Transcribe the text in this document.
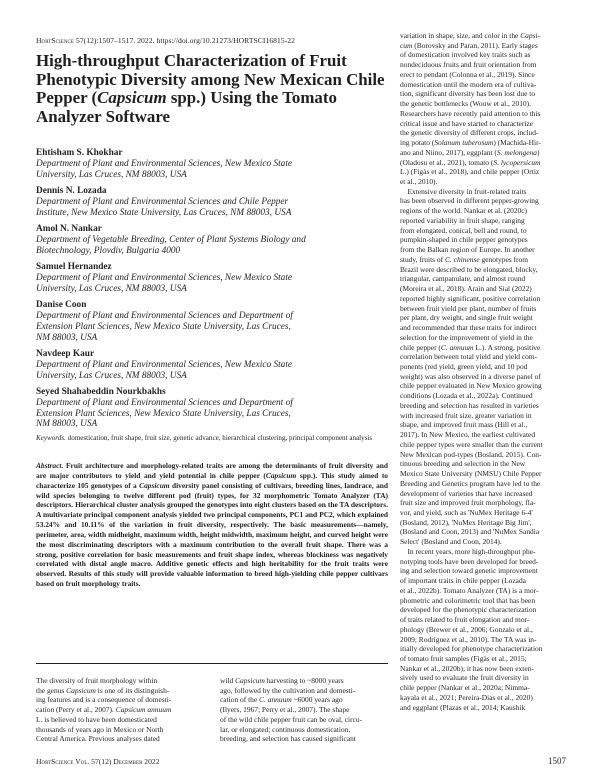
HortScience 57(12):1507–1517. 2022. https://doi.org/10.21273/HORTSCI16815-22
High-throughput Characterization of Fruit Phenotypic Diversity among New Mexican Chile Pepper (Capsicum spp.) Using the Tomato Analyzer Software
Ehtisham S. Khokhar
Department of Plant and Environmental Sciences, New Mexico State
University, Las Cruces, NM 88003, USA
Dennis N. Lozada
Department of Plant and Environmental Sciences and Chile Pepper
Institute, New Mexico State University, Las Cruces, NM 88003, USA
Amol N. Nankar
Department of Vegetable Breeding, Center of Plant Systems Biology and
Biotechnology, Plovdiv, Bulgaria 4000
Samuel Hernandez
Department of Plant and Environmental Sciences, New Mexico State
University, Las Cruces, NM 88003, USA
Danise Coon
Department of Plant and Environmental Sciences and Department of
Extension Plant Sciences, New Mexico State University, Las Cruces,
NM 88003, USA
Navdeep Kaur
Department of Plant and Environmental Sciences, New Mexico State
University, Las Cruces, NM 88003, USA
Seyed Shahabeddin Nourkbakhs
Department of Plant and Environmental Sciences and Department of
Extension Plant Sciences, New Mexico State University, Las Cruces,
NM 88003, USA
Keywords. domestication, fruit shape, fruit size, genetic advance, hierarchical clustering, principal component analysis
Abstract. Fruit architecture and morphology-related traits are among the determinants of fruit diversity and are major contributors to yield and yield potential in chile pepper (Capsicum spp.). This study aimed to characterize 105 genotypes of a Capsicum diversity panel consisting of cultivars, breeding lines, landrace, and wild species belonging to twelve different pod (fruit) types, for 32 morphometric Tomato Analyzer (TA) descriptors. Hierarchical cluster analysis grouped the genotypes into eight clusters based on the TA descriptors. A multivariate principal component analysis yielded two principal components, PC1 and PC2, which explained 53.24% and 10.11% of the variation in fruit diversity, respectively. The basic measurements—namely, perimeter, area, width midheight, maximum width, height midwidth, maximum height, and curved height were the most discriminating descriptors with a maximum contribution to the overall fruit shape. There was a strong, positive correlation for basic measurements and fruit shape index, whereas blockiness was negatively correlated with distal angle macro. Additive genetic effects and high heritability for the fruit traits were observed. Results of this study will provide valuable information to breed high-yielding chile pepper cultivars based on fruit morphology traits.
The diversity of fruit morphology within
the genus Capsicum is one of its distinguish-
ing features and is a consequence of domesti-
cation (Perry et al., 2007). Capsicum annuum
L. is believed to have been domesticated
thousands of years ago in Mexico or North
Central America. Previous analyses dated
wild Capsicum harvesting to ~8000 years
ago, followed by the cultivation and domesti-
cation of the C. annuum ~6000 years ago
(Ilyers, 1967; Perry et al., 2007). The shape
of the wild chile pepper fruit can be oval, circu-
lar, or elongated; continuous domestication,
breeding, and selection has caused significant
variation in shape, size, and color in the Capsi-
cum (Borovsky and Paran, 2011). Early stages
of domestication involved key traits such as
nondeciduous fruits and fruit orientation from
erect to pendant (Colonna et al., 2019). Since
domestication until the modern era of cultiva-
tion, significant diversity has been lost due to
the genetic bottlenecks (Wouw et al., 2010).
Researchers have recently paid attention to this
critical issue and have started to characterize
the genetic diversity of different crops, includ-
ing potato (Solanum tuberosum) (Machida-Hir-
ano and Niino, 2017), eggplant (S. melongena)
(Oladosu et al., 2021), tomato (S. lycopersicum
L.) (Figàs et al., 2018), and chile pepper (Ortiz
et al., 2010).
Extensive diversity in fruit-related traits
has been observed in different pepper-growing
regions of the world. Nankar et al. (2020c)
reported variability in fruit shape, ranging
from elongated, conical, bell and round, to
pumpkin-shaped in chile pepper genotypes
from the Balkan region of Europe. In another
study, fruits of C. chinense genotypes from
Brazil were described to be elongated, blocky,
triangular, campanulate, and almost round
(Moreira et al., 2018). Arain and Sial (2022)
reported highly significant, positive correlation
between fruit yield per plant, number of fruits
per plant, dry weight, and single fruit weight
and recommended that these traits for indirect
selection for the improvement of yield in the
chile pepper (C. annuum L.). A strong, positive
correlation between total yield and yield com-
ponents (red yield, green yield, and 10 pod
weight) was also observed in a diverse panel of
chile pepper evaluated in New Mexico growing
conditions (Lozada et al., 2022a). Continued
breeding and selection has resulted in varieties
with increased fruit size, greater variation in
shape, and improved fruit mass (Hill et al.,
2017). In New Mexico, the earliest cultivated
chile pepper types were smaller than the current
New Mexican pod-types (Bosland, 2015). Con-
tinuous breeding and selection in the New
Mexico State University (NMSU) Chile Pepper
Breeding and Genetics program have led to the
development of varieties that have increased
fruit size and improved fruit morphology, fla-
vor, and yield, such as 'NuMex Heritage 6-4'
(Bosland, 2012), 'NuMex Heritage Big Jim',
(Bosland and Coon, 2013) and 'NuMex Sandia
Select' (Bosland and Coon, 2014).
In recent years, more high-throughput phe-
notyping tools have been developed for breed-
ing and selection toward genetic improvement
of important traits in chile pepper (Lozada
et al., 2022b). Tomato Analyzer (TA) is a mor-
phometric and colorimetric tool that has been
developed for the phenotypic characterization
of traits related to fruit elongation and mor-
phology (Brewer et al., 2006; Gonzalo et al.,
2009; Rodríguez et al., 2010). The TA was in-
itially developed for phenotype characterization
of tomato fruit samples (Figàs et al., 2015;
Nankar et al., 2020b); it has now been exten-
sively used to evaluate the fruit diversity in
chile pepper (Nankar et al., 2020a; Nimma-
kayala et al., 2021; Pereira-Dias et al., 2020)
and eggplant (Plazas et al., 2014; Kaushik
HortScience Vol. 57(12) December 2022	1507
